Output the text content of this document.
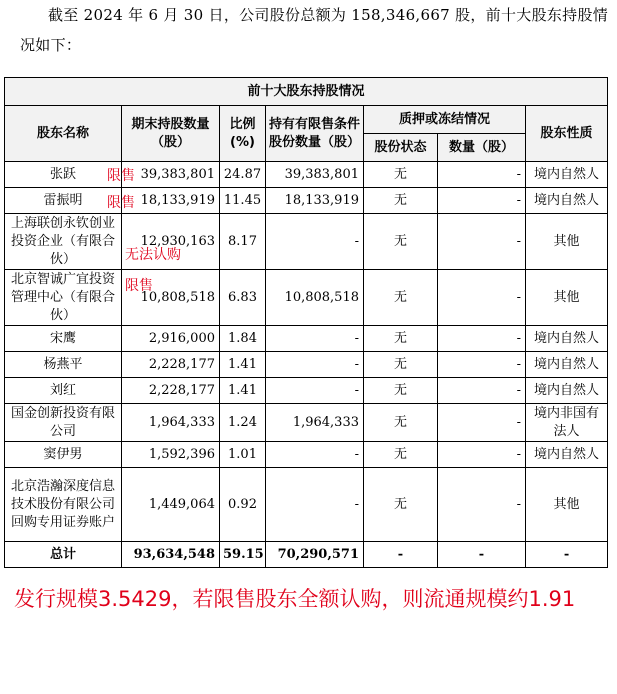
截至 2024 年 6 月 30 日，公司股份总额为 158,346,667 股，前十大股东持股情况如下：
前十大股东持股情况						
股东名称	期末持股数量（股）	比例(%)	持有有限售条件股份数量（股）	质押或冻结情况		股东性质
				股份状态	数量（股）	
张跃	39,383,801	24.87	39,383,801	无	-	境内自然人
雷振明	18,133,919	11.45	18,133,919	无	-	境内自然人
上海联创永钦创业投资企业（有限合伙）	12,930,163	8.17	-	无	-	其他
北京智诚广宜投资管理中心（有限合伙）	10,808,518	6.83	10,808,518	无	-	其他
宋鹰	2,916,000	1.84	-	无	-	境内自然人
杨燕平	2,228,177	1.41	-	无	-	境内自然人
刘红	2,228,177	1.41	-	无	-	境内自然人
国金创新投资有限公司	1,964,333	1.24	1,964,333	无	-	境内非国有法人
窦伊男	1,592,396	1.01	-	无	-	境内自然人
北京浩瀚深度信息技术股份有限公司回购专用证券账户	1,449,064	0.92	-	无	-	其他
总计	93,634,548	59.15	70,290,571	-	-	-
限售
限售
无法认购
限售
发行规模3.5429，若限售股东全额认购，则流通规模约1.91
